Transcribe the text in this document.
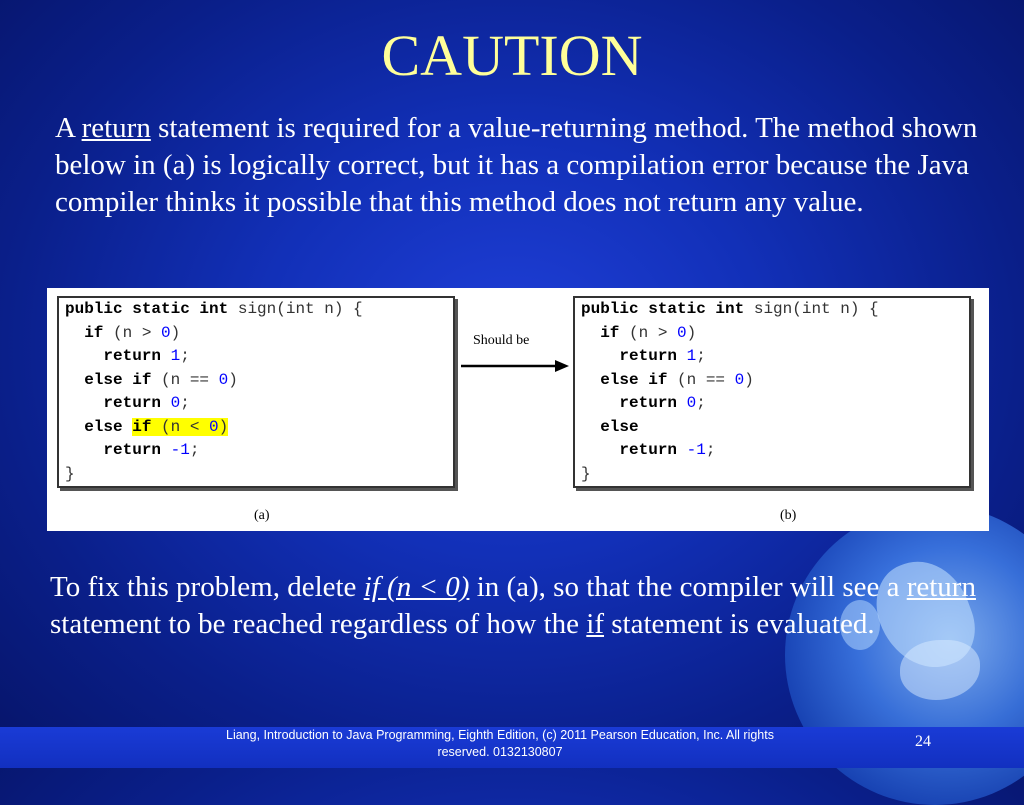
CAUTION
A return statement is required for a value-returning method. The method shown below in (a) is logically correct, but it has a compilation error because the Java compiler thinks it possible that this method does not return any value.
public static int sign(int n) {
if (n > 0)
return 1;
else if (n == 0)
return 0;
else if (n < 0)
return -1;
}
Should be
public static int sign(int n) {
if (n > 0)
return 1;
else if (n == 0)
return 0;
else
return -1;
}
(a)	(b)
To fix this problem, delete if (n < 0) in (a), so that the compiler will see a return statement to be reached regardless of how the if statement is evaluated.
Liang, Introduction to Java Programming, Eighth Edition, (c) 2011 Pearson Education, Inc. All rights reserved. 0132130807
24
